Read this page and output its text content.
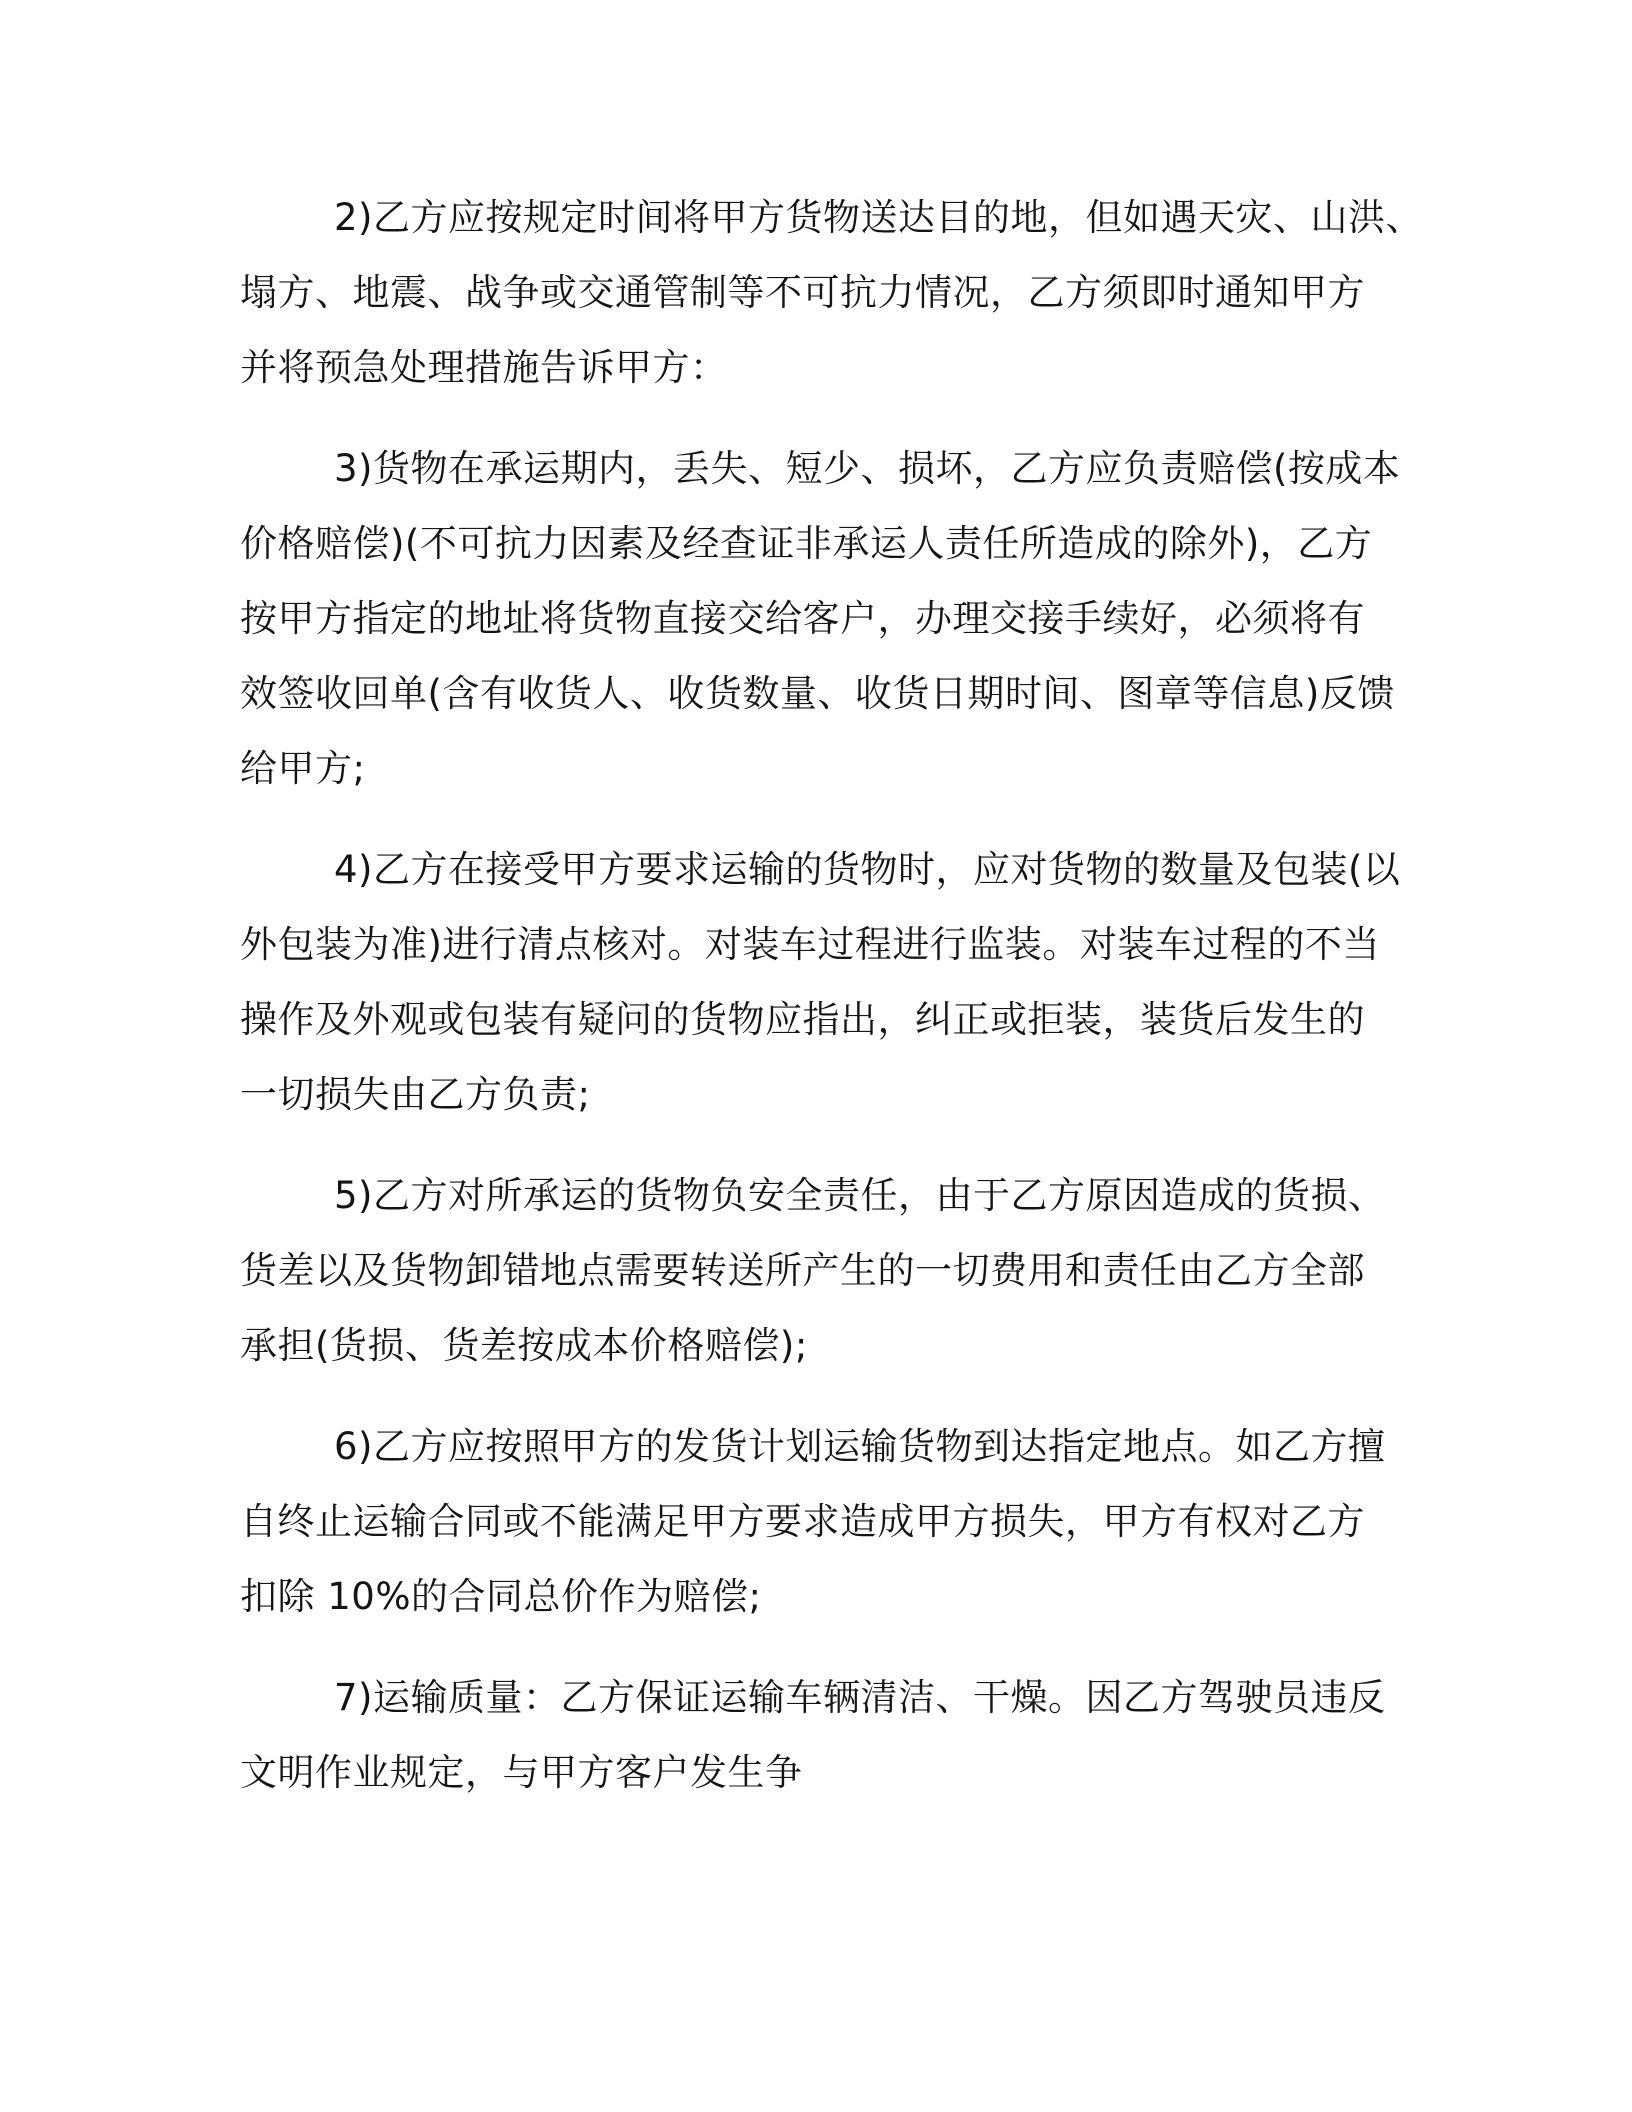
2)乙方应按规定时间将甲方货物送达目的地，但如遇天灾、山洪、
塌方、地震、战争或交通管制等不可抗力情况，乙方须即时通知甲方
并将预急处理措施告诉甲方：

3)货物在承运期内，丢失、短少、损坏，乙方应负责赔偿(按成本
价格赔偿)(不可抗力因素及经查证非承运人责任所造成的除外)，乙方
按甲方指定的地址将货物直接交给客户，办理交接手续好，必须将有
效签收回单(含有收货人、收货数量、收货日期时间、图章等信息)反馈
给甲方;

4)乙方在接受甲方要求运输的货物时，应对货物的数量及包装(以
外包装为准)进行清点核对。对装车过程进行监装。对装车过程的不当
操作及外观或包装有疑问的货物应指出，纠正或拒装，装货后发生的
一切损失由乙方负责;

5)乙方对所承运的货物负安全责任，由于乙方原因造成的货损、
货差以及货物卸错地点需要转送所产生的一切费用和责任由乙方全部
承担(货损、货差按成本价格赔偿);

6)乙方应按照甲方的发货计划运输货物到达指定地点。如乙方擅
自终止运输合同或不能满足甲方要求造成甲方损失，甲方有权对乙方
扣除 10%的合同总价作为赔偿;

7)运输质量：乙方保证运输车辆清洁、干燥。因乙方驾驶员违反
文明作业规定，与甲方客户发生争
